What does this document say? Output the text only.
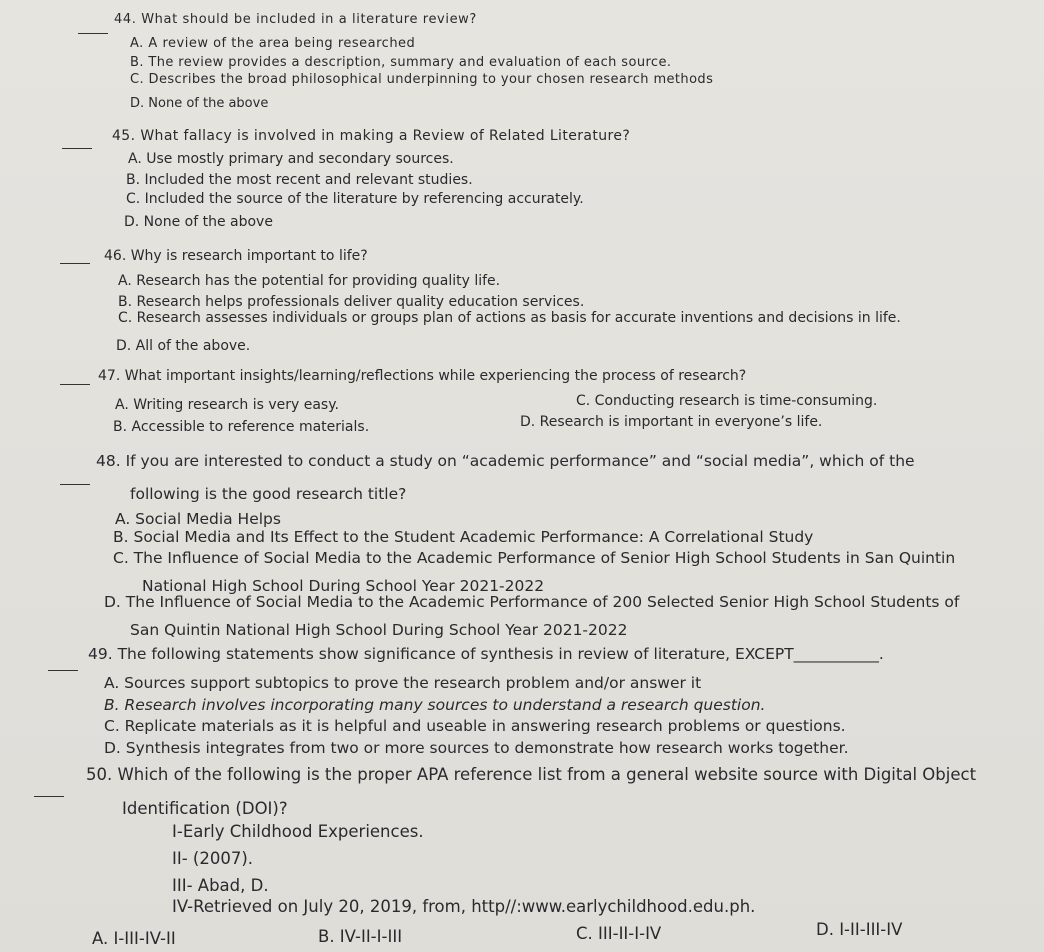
44. What should be included in a literature review?
A. A review of the area being researched
B. The review provides a description, summary and evaluation of each source.
C. Describes the broad philosophical underpinning to your chosen research methods
D. None of the above
45. What fallacy is involved in making a Review of Related Literature?
A. Use mostly primary and secondary sources.
B. Included the most recent and relevant studies.
C. Included the source of the literature by referencing accurately.
D. None of the above
46. Why is research important to life?
A. Research has the potential for providing quality life.
B. Research helps professionals deliver quality education services.
C. Research assesses individuals or groups plan of actions as basis for accurate inventions and decisions in life.
D. All of the above.
47. What important insights/learning/reflections while experiencing the process of research?
A. Writing research is very easy.	C. Conducting research is time-consuming.
B. Accessible to reference materials.	D. Research is important in everyone’s life.
48. If you are interested to conduct a study on “academic performance” and “social media”, which of the
following is the good research title?
A. Social Media Helps
B. Social Media and Its Effect to the Student Academic Performance: A Correlational Study
C. The Influence of Social Media to the Academic Performance of Senior High School Students in San Quintin
National High School During School Year 2021-2022
D. The Influence of Social Media to the Academic Performance of 200 Selected Senior High School Students of
San Quintin National High School During School Year 2021-2022
49. The following statements show significance of synthesis in review of literature, EXCEPT___________.
A. Sources support subtopics to prove the research problem and/or answer it
B. Research involves incorporating many sources to understand a research question.
C. Replicate materials as it is helpful and useable in answering research problems or questions.
D. Synthesis integrates from two or more sources to demonstrate how research works together.
50. Which of the following is the proper APA reference list from a general website source with Digital Object
Identification (DOI)?
I-Early Childhood Experiences.
II- (2007).
III- Abad, D.
IV-Retrieved on July 20, 2019, from, http//:www.earlychildhood.edu.ph.
A. I-III-IV-II	B. IV-II-I-III	C. III-II-I-IV	D. I-II-III-IV
